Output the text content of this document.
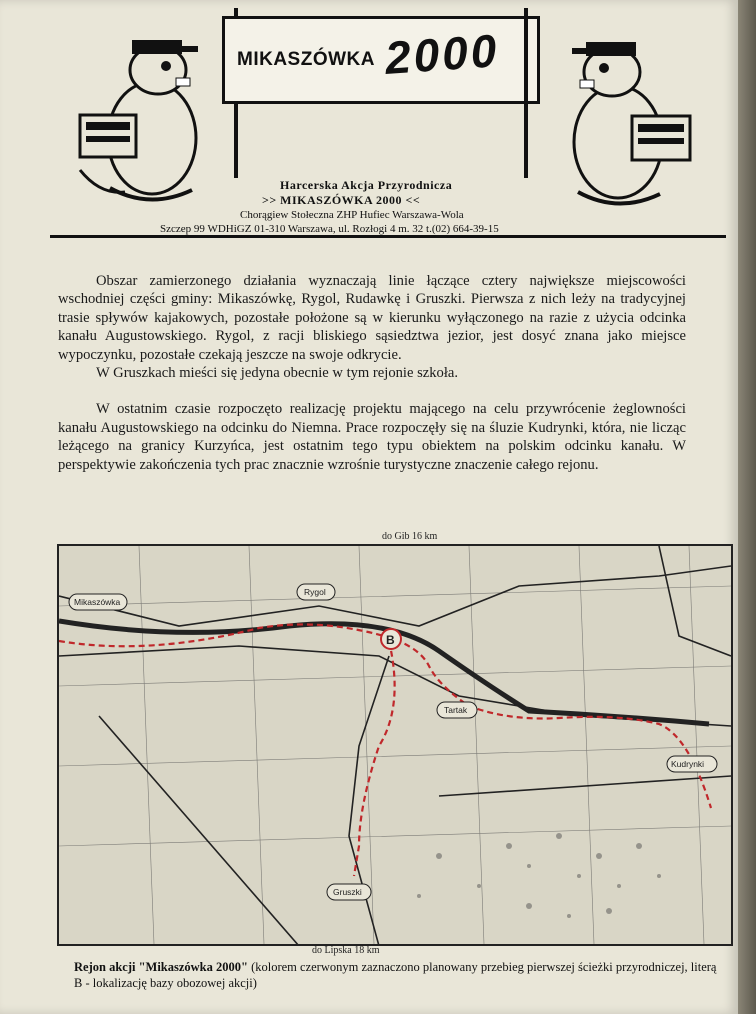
MIKASZÓWKA 2000
Harcerska Akcja Przyrodnicza
>> MIKASZÓWKA 2000 <<
Chorągiew Stołeczna ZHP Hufiec Warszawa-Wola
Szczep 99 WDHiGZ 01-310 Warszawa, ul. Rozłogi 4 m. 32 t.(02) 664-39-15

Obszar zamierzonego działania wyznaczają linie łączące cztery największe miejscowości wschodniej części gminy: Mikaszówkę, Rygol, Rudawkę i Gruszki. Pierwsza z nich leży na tradycyjnej trasie spływów kajakowych, pozostałe położone są w kierunku wyłączonego na razie z użycia odcinka kanału Augustowskiego. Rygol, z racji bliskiego sąsiedztwa jezior, jest dosyć znana jako miejsce wypoczynku, pozostałe czekają jeszcze na swoje odkrycie.

W Gruszkach mieści się jedyna obecnie w tym rejonie szkoła.

W ostatnim czasie rozpoczęto realizację projektu mającego na celu przywrócenie żeglowności kanału Augustowskiego na odcinku do Niemna. Prace rozpoczęły się na śluzie Kudrynki, która, nie licząc leżącego na granicy Kurzyńca, jest ostatnim tego typu obiektem na polskim odcinku kanału. W perspektywie zakończenia tych prac znacznie wzrośnie turystyczne znaczenie całego rejonu.

do Gib 16 km
Mikaszówka
Rygol
Tartak
Kudrynki
Gruszki
B
do Lipska 18 km
Rejon akcji "Mikaszówka 2000" (kolorem czerwonym zaznaczono planowany przebieg pierwszej ścieżki przyrodniczej, literą B - lokalizację bazy obozowej akcji)
